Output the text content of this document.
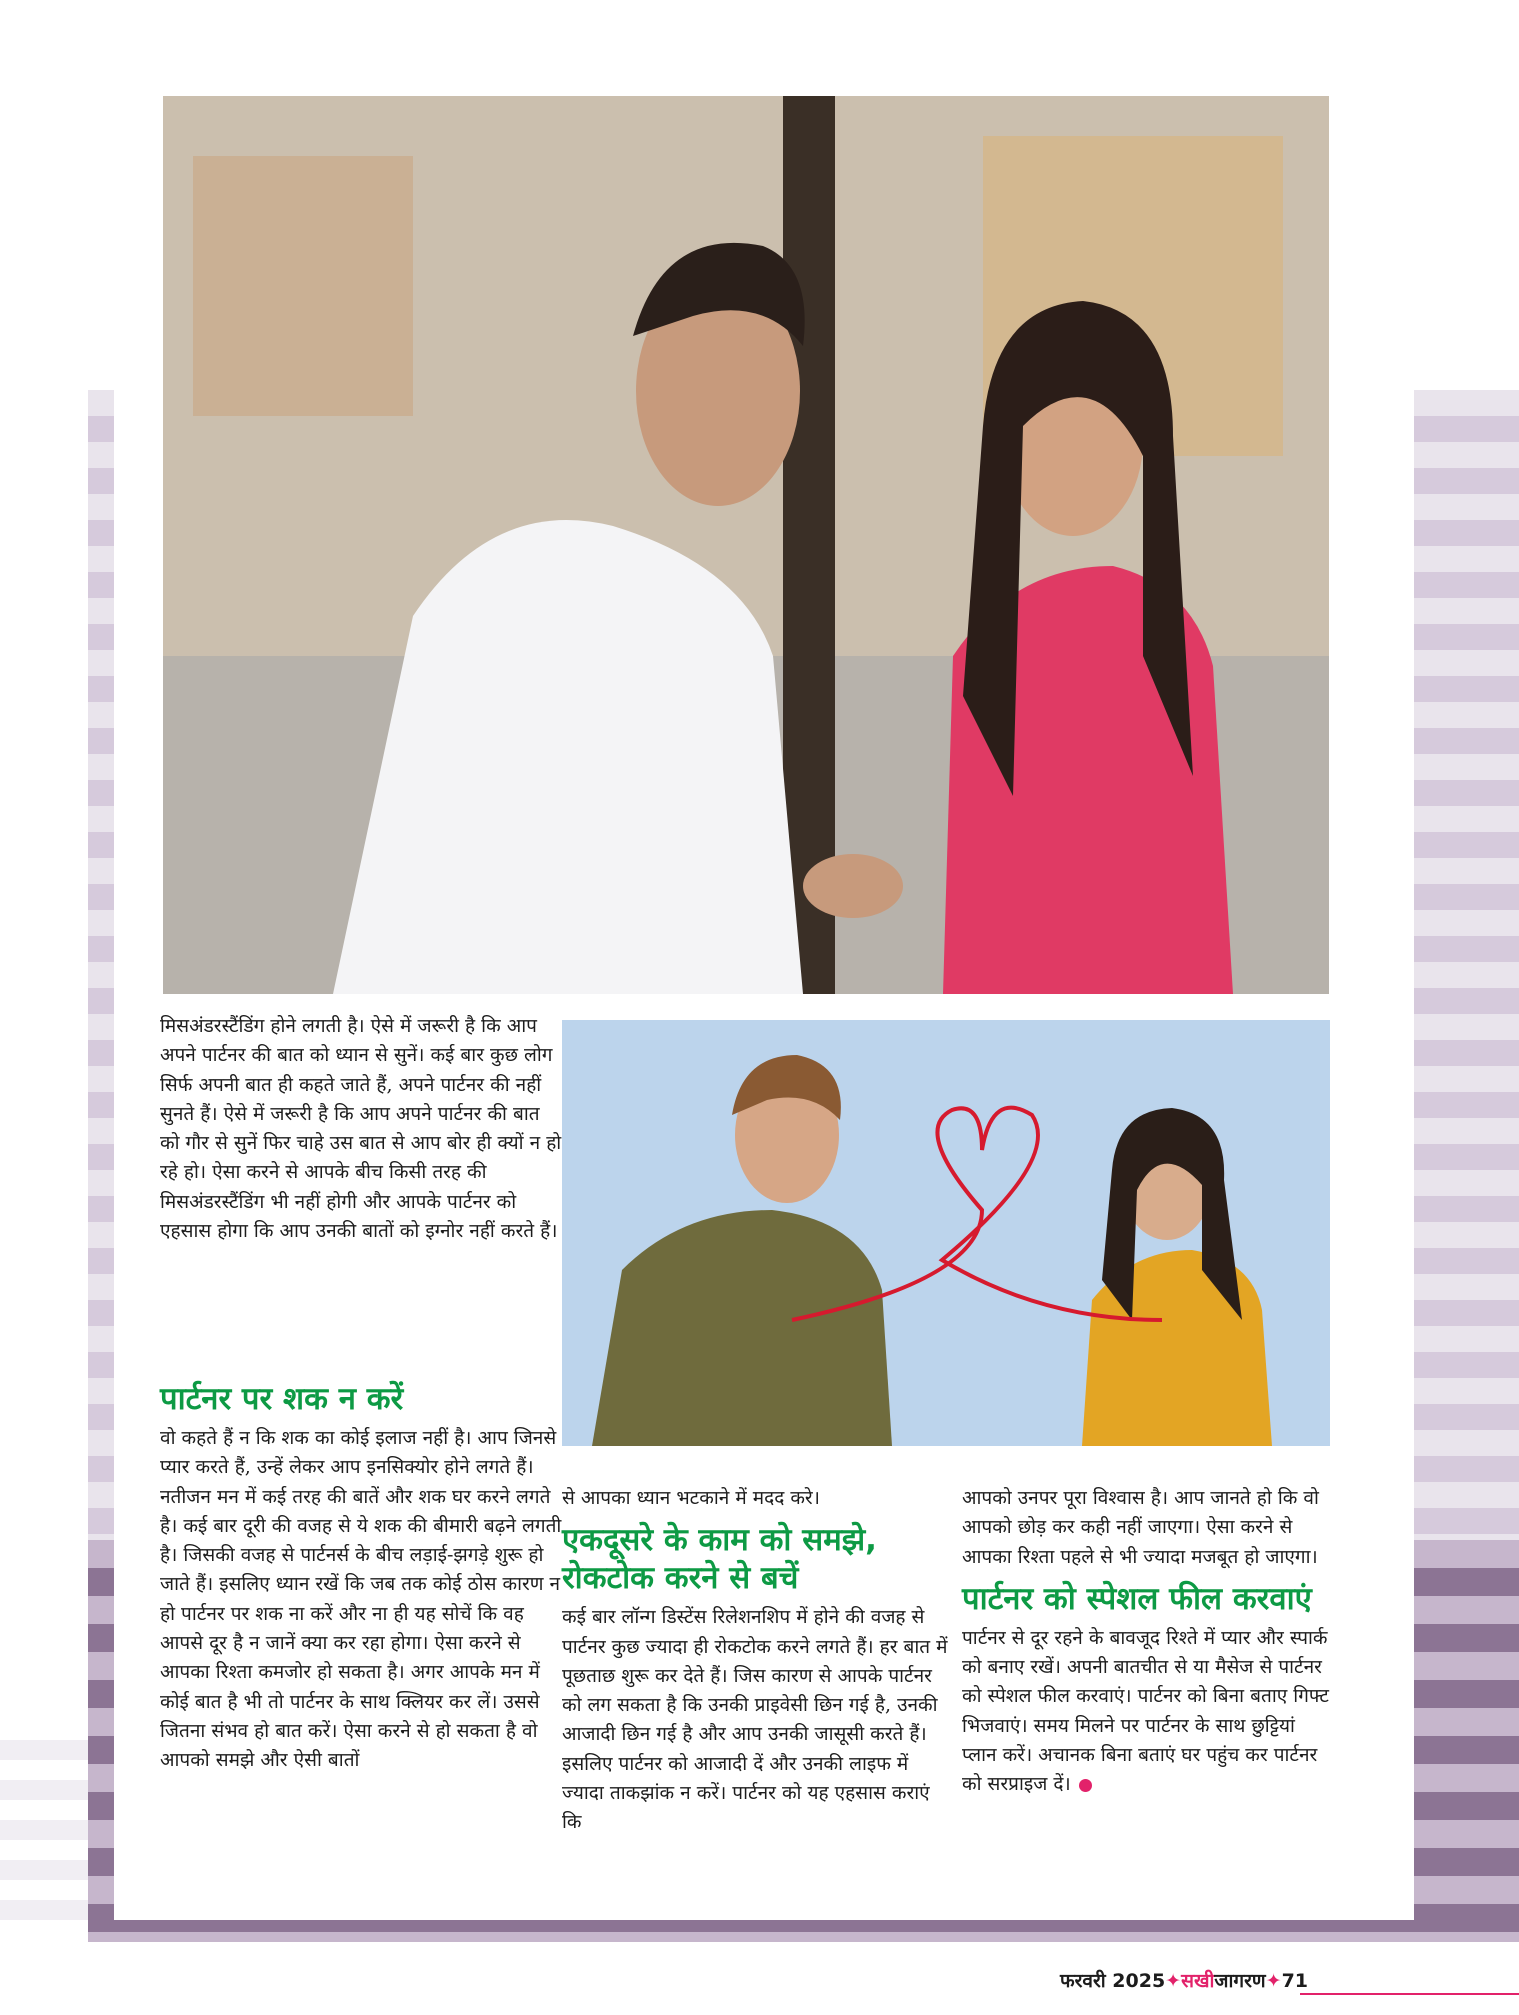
मिसअंडरस्टैंडिंग होने लगती है। ऐसे में जरूरी है कि आप अपने पार्टनर की बात को ध्यान से सुनें। कई बार कुछ लोग सिर्फ अपनी बात ही कहते जाते हैं, अपने पार्टनर की नहीं सुनते हैं। ऐसे में जरूरी है कि आप अपने पार्टनर की बात को गौर से सुनें फिर चाहे उस बात से आप बोर ही क्यों न हो रहे हो। ऐसा करने से आपके बीच किसी तरह की मिसअंडरस्टैंडिंग भी नहीं होगी और आपके पार्टनर को एहसास होगा कि आप उनकी बातों को इग्नोर नहीं करते हैं।

पार्टनर पर शक न करें

वो कहते हैं न कि शक का कोई इलाज नहीं है। आप जिनसे प्यार करते हैं, उन्हें लेकर आप इनसिक्योर होने लगते हैं। नतीजन मन में कई तरह की बातें और शक घर करने लगते है। कई बार दूरी की वजह से ये शक की बीमारी बढ़ने लगती है। जिसकी वजह से पार्टनर्स के बीच लड़ाई-झगड़े शुरू हो जाते हैं। इसलिए ध्यान रखें कि जब तक कोई ठोस कारण न हो पार्टनर पर शक ना करें और ना ही यह सोचें कि वह आपसे दूर है न जानें क्या कर रहा होगा। ऐसा करने से आपका रिश्ता कमजोर हो सकता है। अगर आपके मन में कोई बात है भी तो पार्टनर के साथ क्लियर कर लें। उससे जितना संभव हो बात करें। ऐसा करने से हो सकता है वो आपको समझे और ऐसी बातों

से आपका ध्यान भटकाने में मदद करे।

एकदूसरे के काम को समझे, रोकटोक करने से बचें

कई बार लॉन्ग डिस्टेंस रिलेशनशिप में होने की वजह से पार्टनर कुछ ज्यादा ही रोकटोक करने लगते हैं। हर बात में पूछताछ शुरू कर देते हैं। जिस कारण से आपके पार्टनर को लग सकता है कि उनकी प्राइवेसी छिन गई है, उनकी आजादी छिन गई है और आप उनकी जासूसी करते हैं। इसलिए पार्टनर को आजादी दें और उनकी लाइफ में ज्यादा ताकझांक न करें। पार्टनर को यह एहसास कराएं कि

आपको उनपर पूरा विश्वास है। आप जानते हो कि वो आपको छोड़ कर कही नहीं जाएगा। ऐसा करने से आपका रिश्ता पहले से भी ज्यादा मजबूत हो जाएगा।

पार्टनर को स्पेशल फील करवाएं

पार्टनर से दूर रहने के बावजूद रिश्ते में प्यार और स्पार्क को बनाए रखें। अपनी बातचीत से या मैसेज से पार्टनर को स्पेशल फील करवाएं। पार्टनर को बिना बताए गिफ्ट भिजवाएं। समय मिलने पर पार्टनर के साथ छुट्टियां प्लान करें। अचानक बिना बताएं घर पहुंच कर पार्टनर को सरप्राइज दें।

फरवरी 2025✦सखीजागरण✦71
